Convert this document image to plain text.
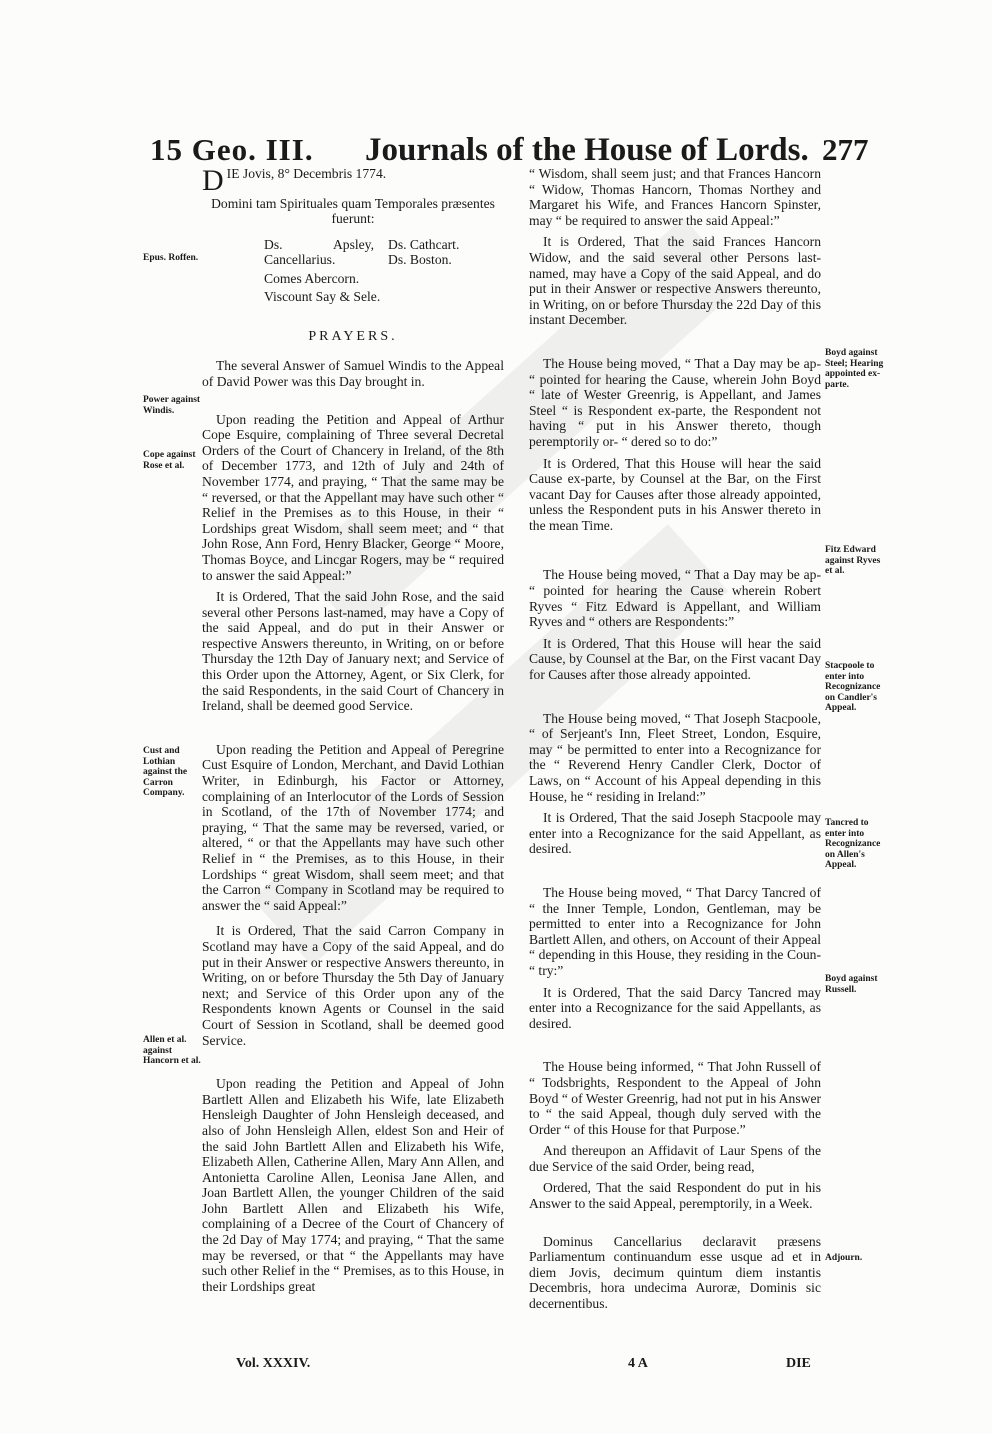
15 Geo. III. Journals of the House of Lords. 277
Epus. Roffen.
Power against Windis.
Cope against Rose et al.
Cust and Lothian against the Carron Company.
Allen et al. against Hancorn et al.
Boyd against Steel; Hearing appointed ex-parte.
Fitz Edward against Ryves et al.
Stacpoole to enter into Recognizance on Candler's Appeal.
Tancred to enter into Recognizance on Allen's Appeal.
Boyd against Russell.
Adjourn.
D IE Jovis, 8° Decembris 1774.

Domini tam Spirituales quam Temporales præsentes fuerunt:

Ds. Apsley, Cancellarius.
Ds. Cathcart.
Ds. Boston.
Comes Abercorn.
Viscount Say & Sele.

PRAYERS.

The several Answer of Samuel Windis to the Appeal of David Power was this Day brought in.

Upon reading the Petition and Appeal of Arthur Cope Esquire, complaining of Three several Decretal Orders of the Court of Chancery in Ireland, of the 8th of December 1773, and 12th of July and 24th of November 1774, and praying, “ That the same may be “ reversed, or that the Appellant may have such other “ Relief in the Premises as to this House, in their “ Lordships great Wisdom, shall seem meet; and “ that John Rose, Ann Ford, Henry Blacker, George “ Moore, Thomas Boyce, and Lincgar Rogers, may be “ required to answer the said Appeal:”

It is Ordered, That the said John Rose, and the said several other Persons last-named, may have a Copy of the said Appeal, and do put in their Answer or respective Answers thereunto, in Writing, on or before Thursday the 12th Day of January next; and Service of this Order upon the Attorney, Agent, or Six Clerk, for the said Respondents, in the said Court of Chancery in Ireland, shall be deemed good Service.

Upon reading the Petition and Appeal of Peregrine Cust Esquire of London, Merchant, and David Lothian Writer, in Edinburgh, his Factor or Attorney, complaining of an Interlocutor of the Lords of Session in Scotland, of the 17th of November 1774; and praying, “ That the same may be reversed, varied, or altered, “ or that the Appellants may have such other Relief in “ the Premises, as to this House, in their Lordships “ great Wisdom, shall seem meet; and that the Carron “ Company in Scotland may be required to answer the “ said Appeal:”

It is Ordered, That the said Carron Company in Scotland may have a Copy of the said Appeal, and do put in their Answer or respective Answers thereunto, in Writing, on or before Thursday the 5th Day of January next; and Service of this Order upon any of the Respondents known Agents or Counsel in the said Court of Session in Scotland, shall be deemed good Service.

Upon reading the Petition and Appeal of John Bartlett Allen and Elizabeth his Wife, late Elizabeth Hensleigh Daughter of John Hensleigh deceased, and also of John Hensleigh Allen, eldest Son and Heir of the said John Bartlett Allen and Elizabeth his Wife, Elizabeth Allen, Catherine Allen, Mary Ann Allen, and Antonietta Caroline Allen, Leonisa Jane Allen, and Joan Bartlett Allen, the younger Children of the said John Bartlett Allen and Elizabeth his Wife, complaining of a Decree of the Court of Chancery of the 2d Day of May 1774; and praying, “ That the same may be reversed, or that “ the Appellants may have such other Relief in the “ Premises, as to this House, in their Lordships great

“ Wisdom, shall seem just; and that Frances Hancorn “ Widow, Thomas Hancorn, Thomas Northey and Margaret his Wife, and Frances Hancorn Spinster, may “ be required to answer the said Appeal:”

It is Ordered, That the said Frances Hancorn Widow, and the said several other Persons last-named, may have a Copy of the said Appeal, and do put in their Answer or respective Answers thereunto, in Writing, on or before Thursday the 22d Day of this instant December.

The House being moved, “ That a Day may be ap- “ pointed for hearing the Cause, wherein John Boyd “ late of Wester Greenrig, is Appellant, and James Steel “ is Respondent ex-parte, the Respondent not having “ put in his Answer thereto, though peremptorily or- “ dered so to do:”

It is Ordered, That this House will hear the said Cause ex-parte, by Counsel at the Bar, on the First vacant Day for Causes after those already appointed, unless the Respondent puts in his Answer thereto in the mean Time.

The House being moved, “ That a Day may be ap- “ pointed for hearing the Cause wherein Robert Ryves “ Fitz Edward is Appellant, and William Ryves and “ others are Respondents:”

It is Ordered, That this House will hear the said Cause, by Counsel at the Bar, on the First vacant Day for Causes after those already appointed.

The House being moved, “ That Joseph Stacpoole, “ of Serjeant's Inn, Fleet Street, London, Esquire, may “ be permitted to enter into a Recognizance for the “ Reverend Henry Candler Clerk, Doctor of Laws, on “ Account of his Appeal depending in this House, he “ residing in Ireland:”

It is Ordered, That the said Joseph Stacpoole may enter into a Recognizance for the said Appellant, as desired.

The House being moved, “ That Darcy Tancred of “ the Inner Temple, London, Gentleman, may be permitted to enter into a Recognizance for John Bartlett Allen, and others, on Account of their Appeal “ depending in this House, they residing in the Coun- “ try:”

It is Ordered, That the said Darcy Tancred may enter into a Recognizance for the said Appellants, as desired.

The House being informed, “ That John Russell of “ Todsbrights, Respondent to the Appeal of John Boyd “ of Wester Greenrig, had not put in his Answer to “ the said Appeal, though duly served with the Order “ of this House for that Purpose.”

And thereupon an Affidavit of Laur Spens of the due Service of the said Order, being read,

Ordered, That the said Respondent do put in his Answer to the said Appeal, peremptorily, in a Week.

Dominus Cancellarius declaravit præsens Parliamentum continuandum esse usque ad et in diem Jovis, decimum quintum diem instantis Decembris, hora undecima Auroræ, Dominis sic decernentibus.

Vol. XXXIV.	4 A	DIE
